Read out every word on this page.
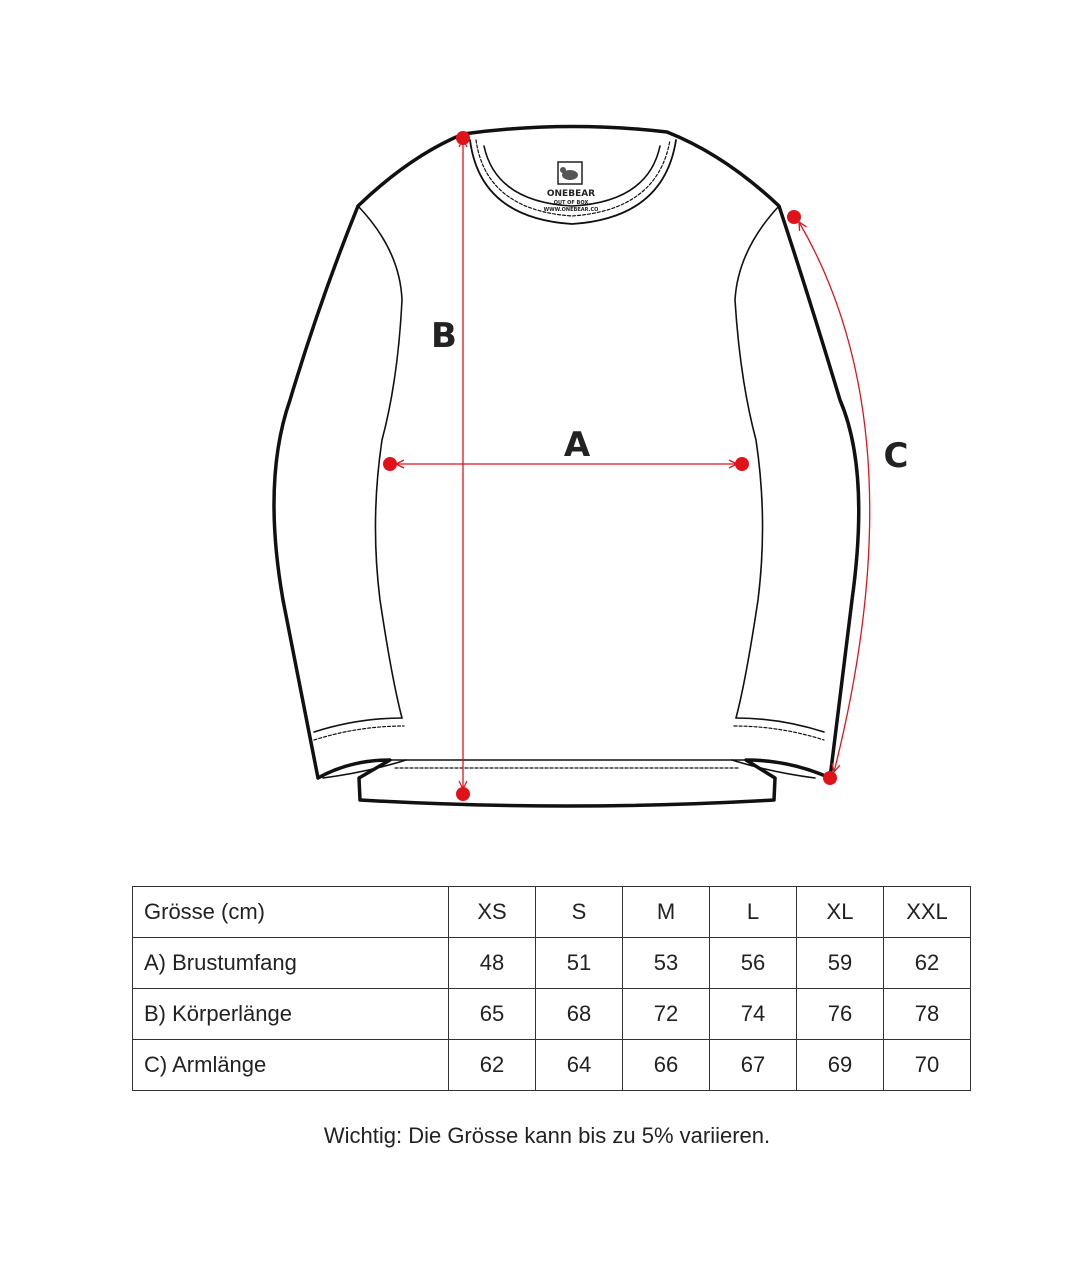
ONEBEAR
OUT OF BOX
WWW.ONEBEAR.CO
B
A	C
Grösse (cm)	XS	S	M	L	XL	XXL
A) Brustumfang	48	51	53	56	59	62
B) Körperlänge	65	68	72	74	76	78
C) Armlänge	62	64	66	67	69	70
Wichtig: Die Grösse kann bis zu 5% variieren.
